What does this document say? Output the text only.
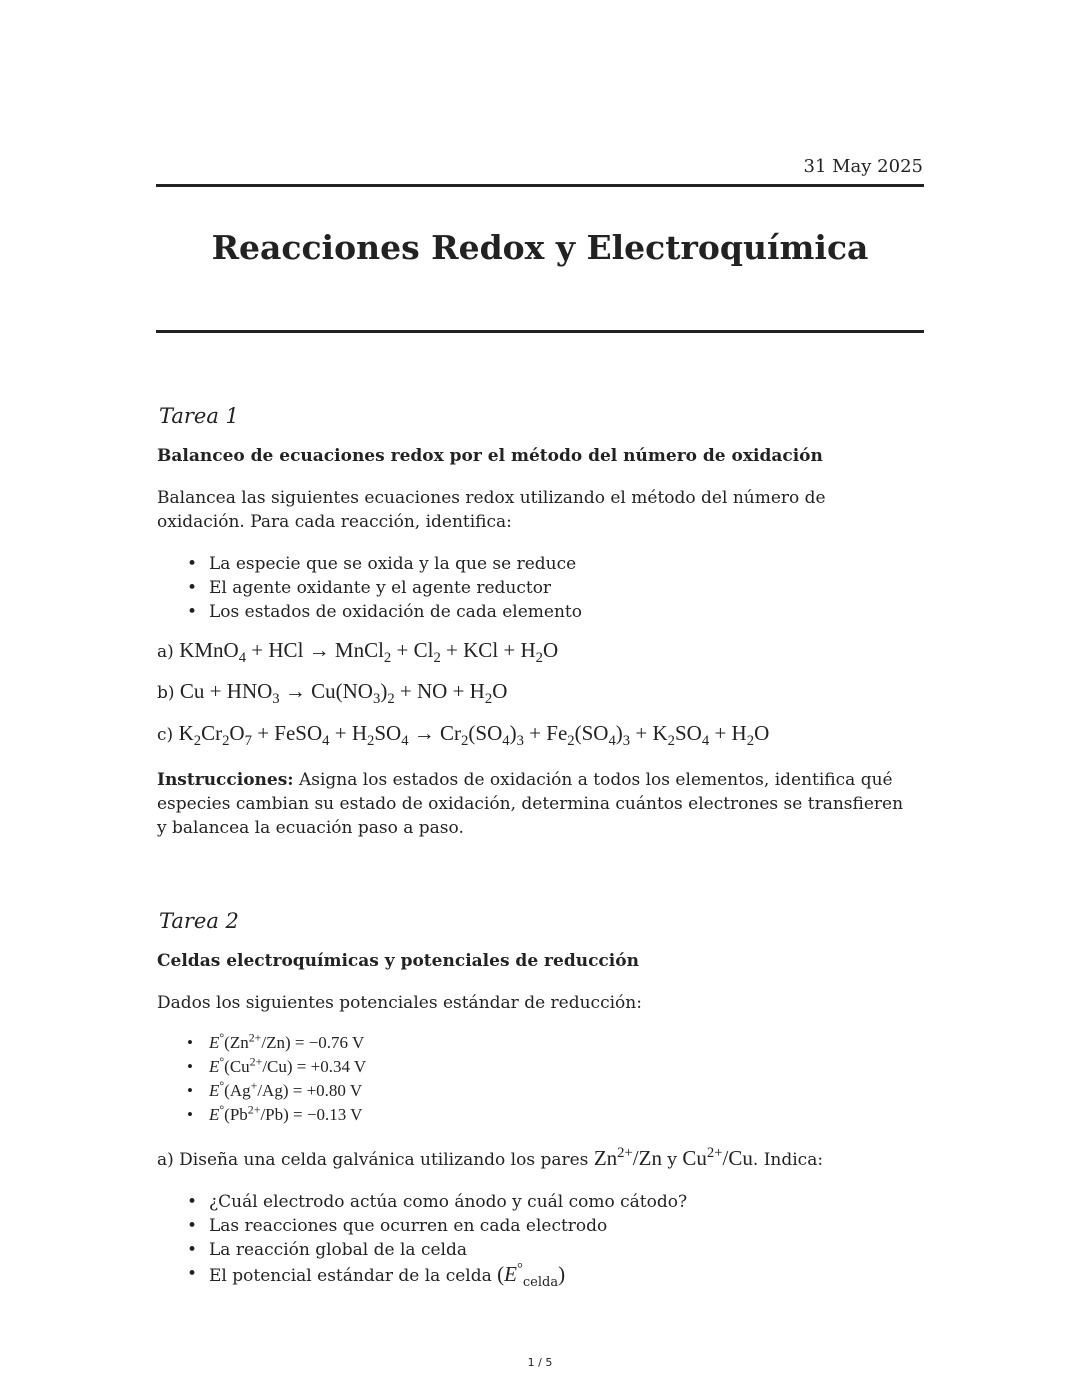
31 May 2025
Reacciones Redox y Electroquímica
Tarea 1
Balanceo de ecuaciones redox por el método del número de oxidación
Balancea las siguientes ecuaciones redox utilizando el método del número de oxidación. Para cada reacción, identifica:
• La especie que se oxida y la que se reduce
• El agente oxidante y el agente reductor
• Los estados de oxidación de cada elemento
a) KMnO$_4$ + HCl → MnCl$_2$ + $Cl_2$ + KCl + $H_2O$
b) $Cu + HNO_3 \to Cu(NO_3)_2$ + NO + $H_2O$
c) $K_2Cr_2O_7$ + FeSO$_4$ + $H_2SO_4 \to Cr_2(SO_4)_3 + Fe_2(SO_4)_3 + K_2SO_4 + H_2O$
Instrucciones: Asigna los estados de oxidación a todos los elementos, identifica qué especies cambian su estado de oxidación, determina cuántos electrones se transfieren y balancea la ecuación paso a paso.
Tarea 2
Celdas electroquímicas y potenciales de reducción
Dados los siguientes potenciales estándar de reducción:
• $E^\circ(Zn^{2+}/Zn) = -0.76$ V
• $E^\circ(Cu^{2+}/Cu) = +0.34$ V
• E°(Ag+/Ag) = +0.80 V
• $E^\circ(Pb^{2+}/Pb) = -0.13$ V
a) Diseña una celda galvánica utilizando los pares $Zn^{2+}/Zn$ y $Cu^{2+}/Cu$. Indica:
• ¿Cuál electrodo actúa como ánodo y cuál como cátodo?
• Las reacciones que ocurren en cada electrodo
• La reacción global de la celda
• El potencial estándar de la celda $(E^\circ_{celda})$
1 / 5
